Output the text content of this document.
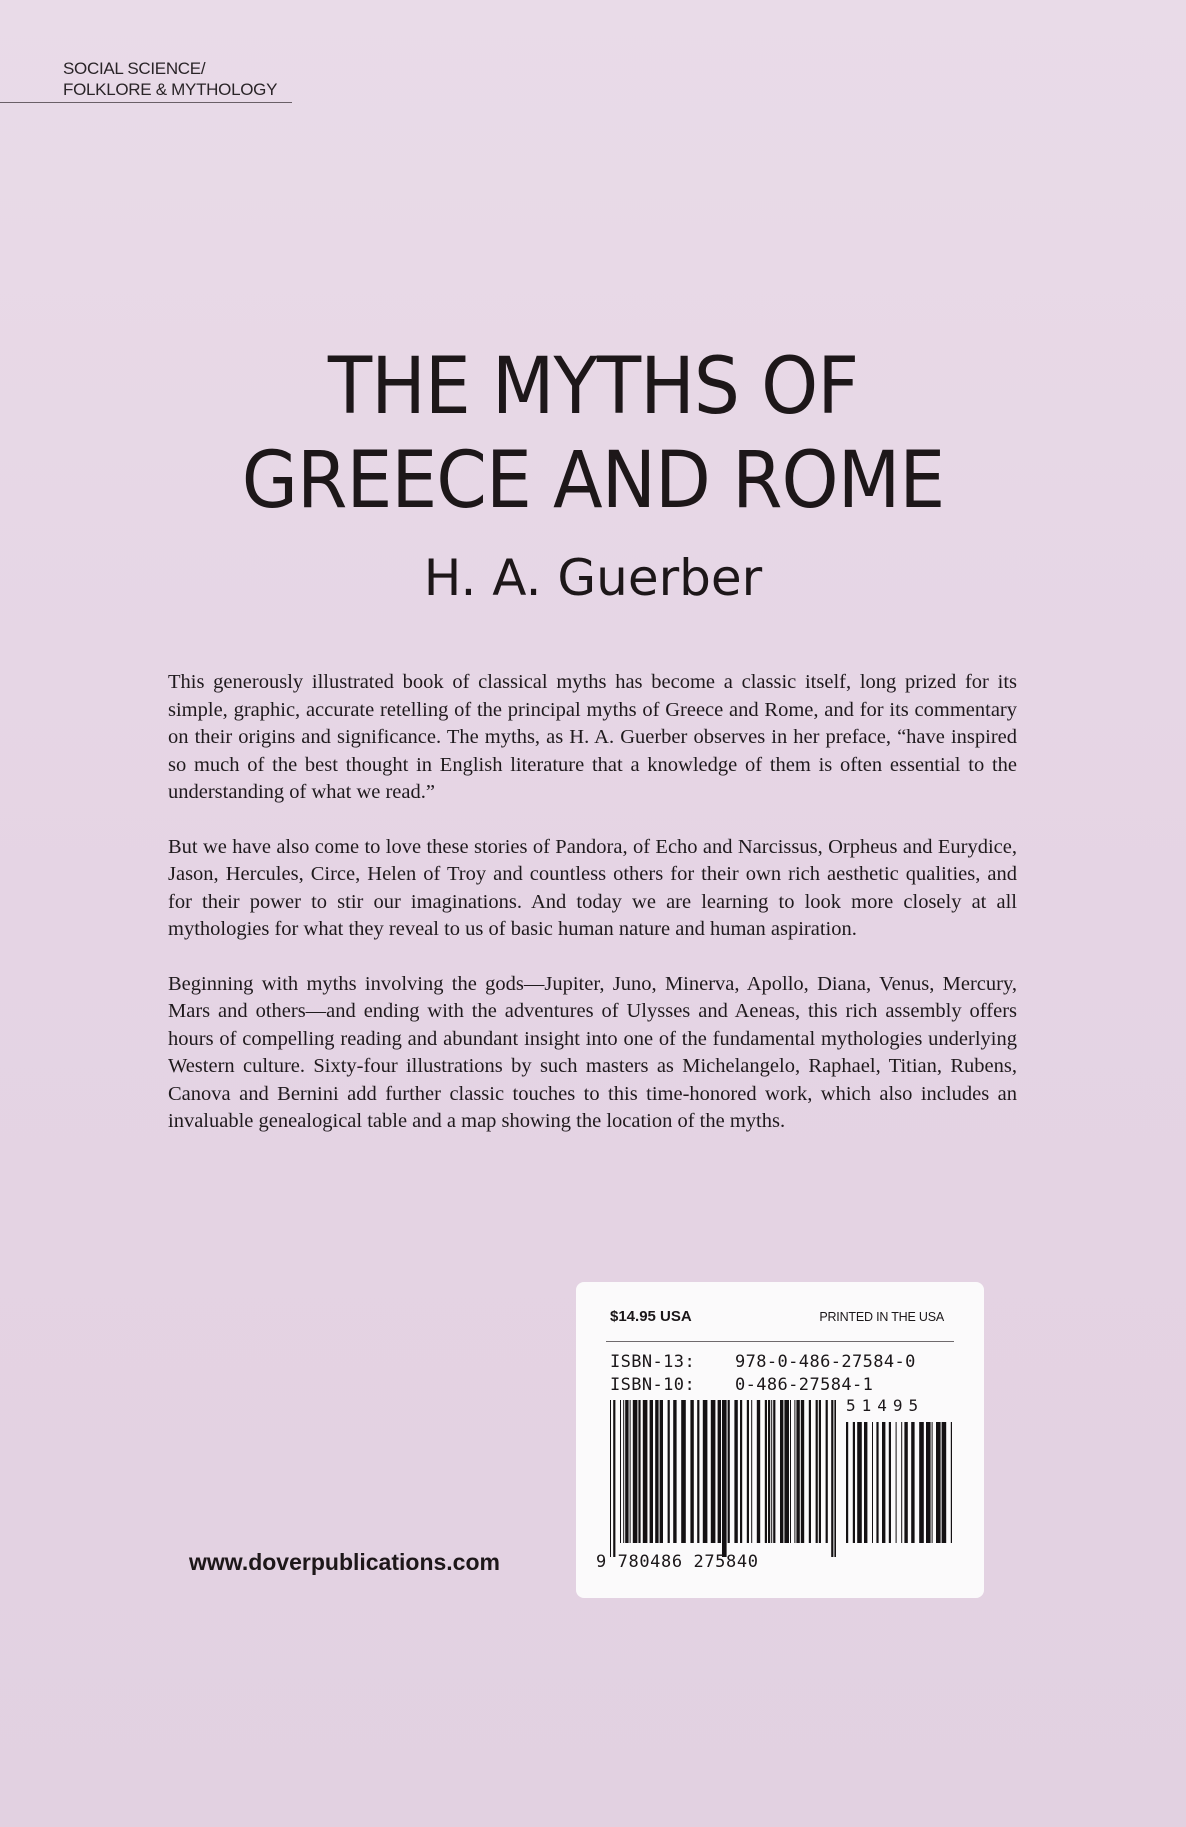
SOCIAL SCIENCE/
FOLKLORE & MYTHOLOGY
THE MYTHS OF
GREECE AND ROME
H. A. Guerber

This generously illustrated book of classical myths has become a classic itself, long prized for its simple, graphic, accurate retelling of the principal myths of Greece and Rome, and for its commentary on their origins and significance. The myths, as H. A. Guerber observes in her preface, “have inspired so much of the best thought in English literature that a knowledge of them is often essential to the understanding of what we read.”

But we have also come to love these stories of Pandora, of Echo and Narcissus, Orpheus and Eurydice, Jason, Hercules, Circe, Helen of Troy and countless others for their own rich aesthetic qualities, and for their power to stir our imaginations. And today we are learning to look more closely at all mythologies for what they reveal to us of basic human nature and human aspiration.

Beginning with myths involving the gods—Jupiter, Juno, Minerva, Apollo, Diana, Venus, Mercury, Mars and others—and ending with the adventures of Ulysses and Aeneas, this rich assembly offers hours of compelling reading and abundant insight into one of the fundamental mythologies underlying Western culture. Sixty-four illustrations by such masters as Michelangelo, Raphael, Titian, Rubens, Canova and Bernini add further classic touches to this time-honored work, which also includes an invaluable genealogical table and a map showing the location of the myths.

www.doverpublications.com
$14.95 USA	PRINTED IN THE USA
ISBN-13: 978-0-486-27584-0
ISBN-10: 0-486-27584-1
51495
9 780486 275840
